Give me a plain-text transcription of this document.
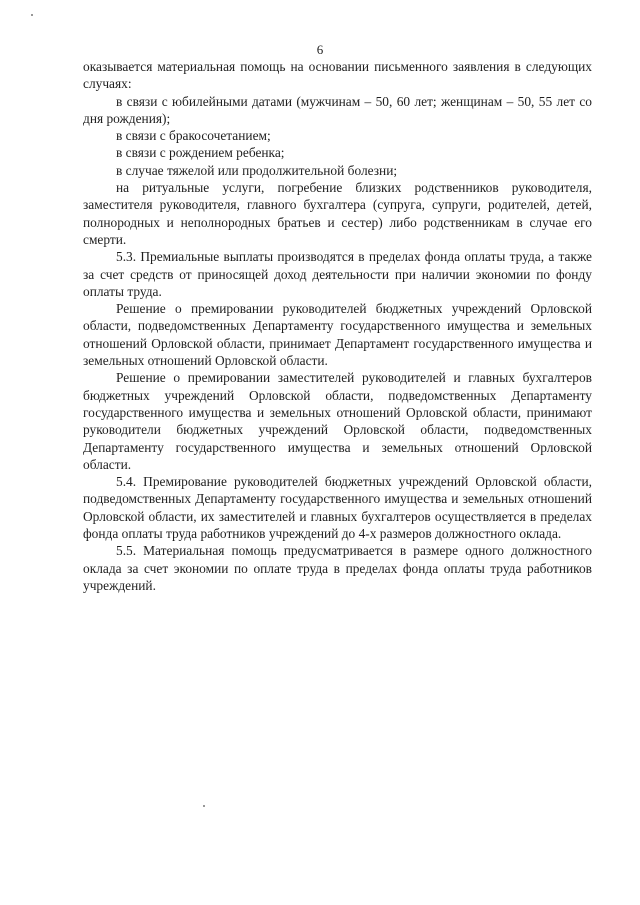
6

оказывается материальная помощь на основании письменного заявления в следующих случаях:

в связи с юбилейными датами (мужчинам – 50, 60 лет; женщинам – 50, 55 лет со дня рождения);

в связи с бракосочетанием;

в связи с рождением ребенка;

в случае тяжелой или продолжительной болезни;

на ритуальные услуги, погребение близких родственников руководителя, заместителя руководителя, главного бухгалтера (супруга, супруги, родителей, детей, полнородных и неполнородных братьев и сестер) либо родственникам в случае его смерти.

5.3. Премиальные выплаты производятся в пределах фонда оплаты труда, а также за счет средств от приносящей доход деятельности при наличии экономии по фонду оплаты труда.

Решение о премировании руководителей бюджетных учреждений Орловской области, подведомственных Департаменту государственного имущества и земельных отношений Орловской области, принимает Департамент государственного имущества и земельных отношений Орловской области.

Решение о премировании заместителей руководителей и главных бухгалтеров бюджетных учреждений Орловской области, подведомственных Департаменту государственного имущества и земельных отношений Орловской области, принимают руководители бюджетных учреждений Орловской области, подведомственных Департаменту государственного имущества и земельных отношений Орловской области.

5.4. Премирование руководителей бюджетных учреждений Орловской области, подведомственных Департаменту государственного имущества и земельных отношений Орловской области, их заместителей и главных бухгалтеров осуществляется в пределах фонда оплаты труда работников учреждений до 4-х размеров должностного оклада.

5.5. Материальная помощь предусматривается в размере одного должностного оклада за счет экономии по оплате труда в пределах фонда оплаты труда работников учреждений.
